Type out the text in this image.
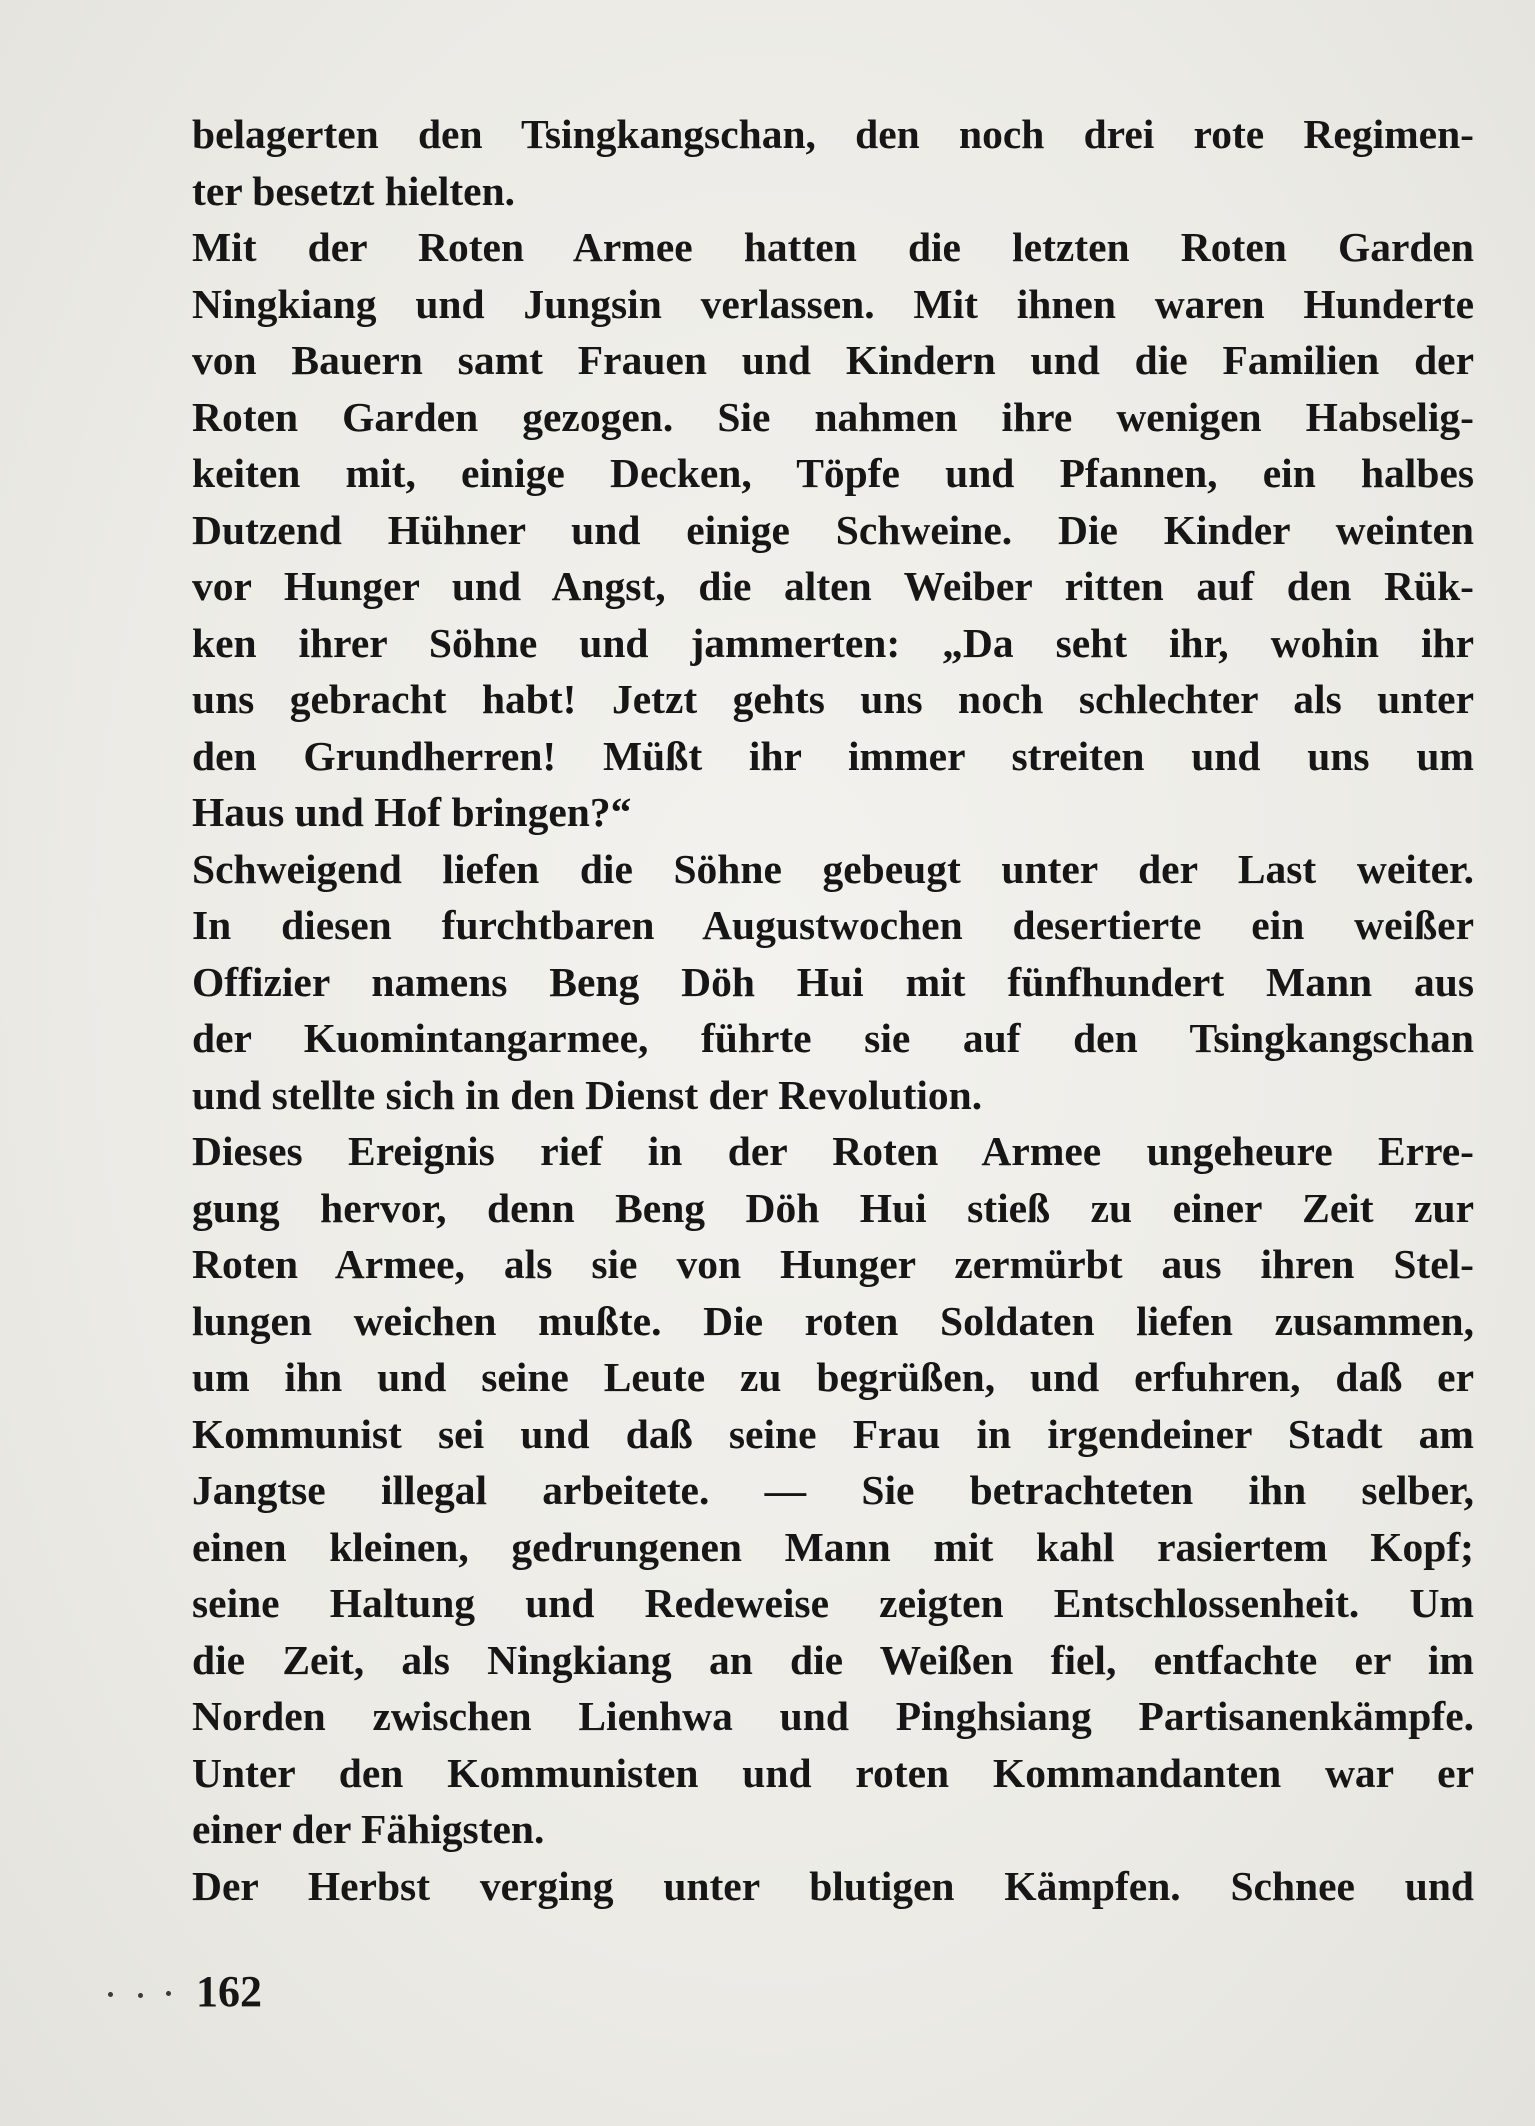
belagerten den Tsingkangschan, den noch drei rote Regimen-
ter besetzt hielten.
Mit der Roten Armee hatten die letzten Roten Garden
Ningkiang und Jungsin verlassen. Mit ihnen waren Hunderte
von Bauern samt Frauen und Kindern und die Familien der
Roten Garden gezogen. Sie nahmen ihre wenigen Habselig-
keiten mit, einige Decken, Töpfe und Pfannen, ein halbes
Dutzend Hühner und einige Schweine. Die Kinder weinten
vor Hunger und Angst, die alten Weiber ritten auf den Rük-
ken ihrer Söhne und jammerten: „Da seht ihr, wohin ihr
uns gebracht habt! Jetzt gehts uns noch schlechter als unter
den Grundherren! Müßt ihr immer streiten und uns um
Haus und Hof bringen?“
Schweigend liefen die Söhne gebeugt unter der Last weiter.
In diesen furchtbaren Augustwochen desertierte ein weißer
Offizier namens Beng Döh Hui mit fünfhundert Mann aus
der Kuomintangarmee, führte sie auf den Tsingkangschan
und stellte sich in den Dienst der Revolution.
Dieses Ereignis rief in der Roten Armee ungeheure Erre-
gung hervor, denn Beng Döh Hui stieß zu einer Zeit zur
Roten Armee, als sie von Hunger zermürbt aus ihren Stel-
lungen weichen mußte. Die roten Soldaten liefen zusammen,
um ihn und seine Leute zu begrüßen, und erfuhren, daß er
Kommunist sei und daß seine Frau in irgendeiner Stadt am
Jangtse illegal arbeitete. — Sie betrachteten ihn selber,
einen kleinen, gedrungenen Mann mit kahl rasiertem Kopf;
seine Haltung und Redeweise zeigten Entschlossenheit. Um
die Zeit, als Ningkiang an die Weißen fiel, entfachte er im
Norden zwischen Lienhwa und Pinghsiang Partisanenkämpfe.
Unter den Kommunisten und roten Kommandanten war er
einer der Fähigsten.
Der Herbst verging unter blutigen Kämpfen. Schnee und
162
